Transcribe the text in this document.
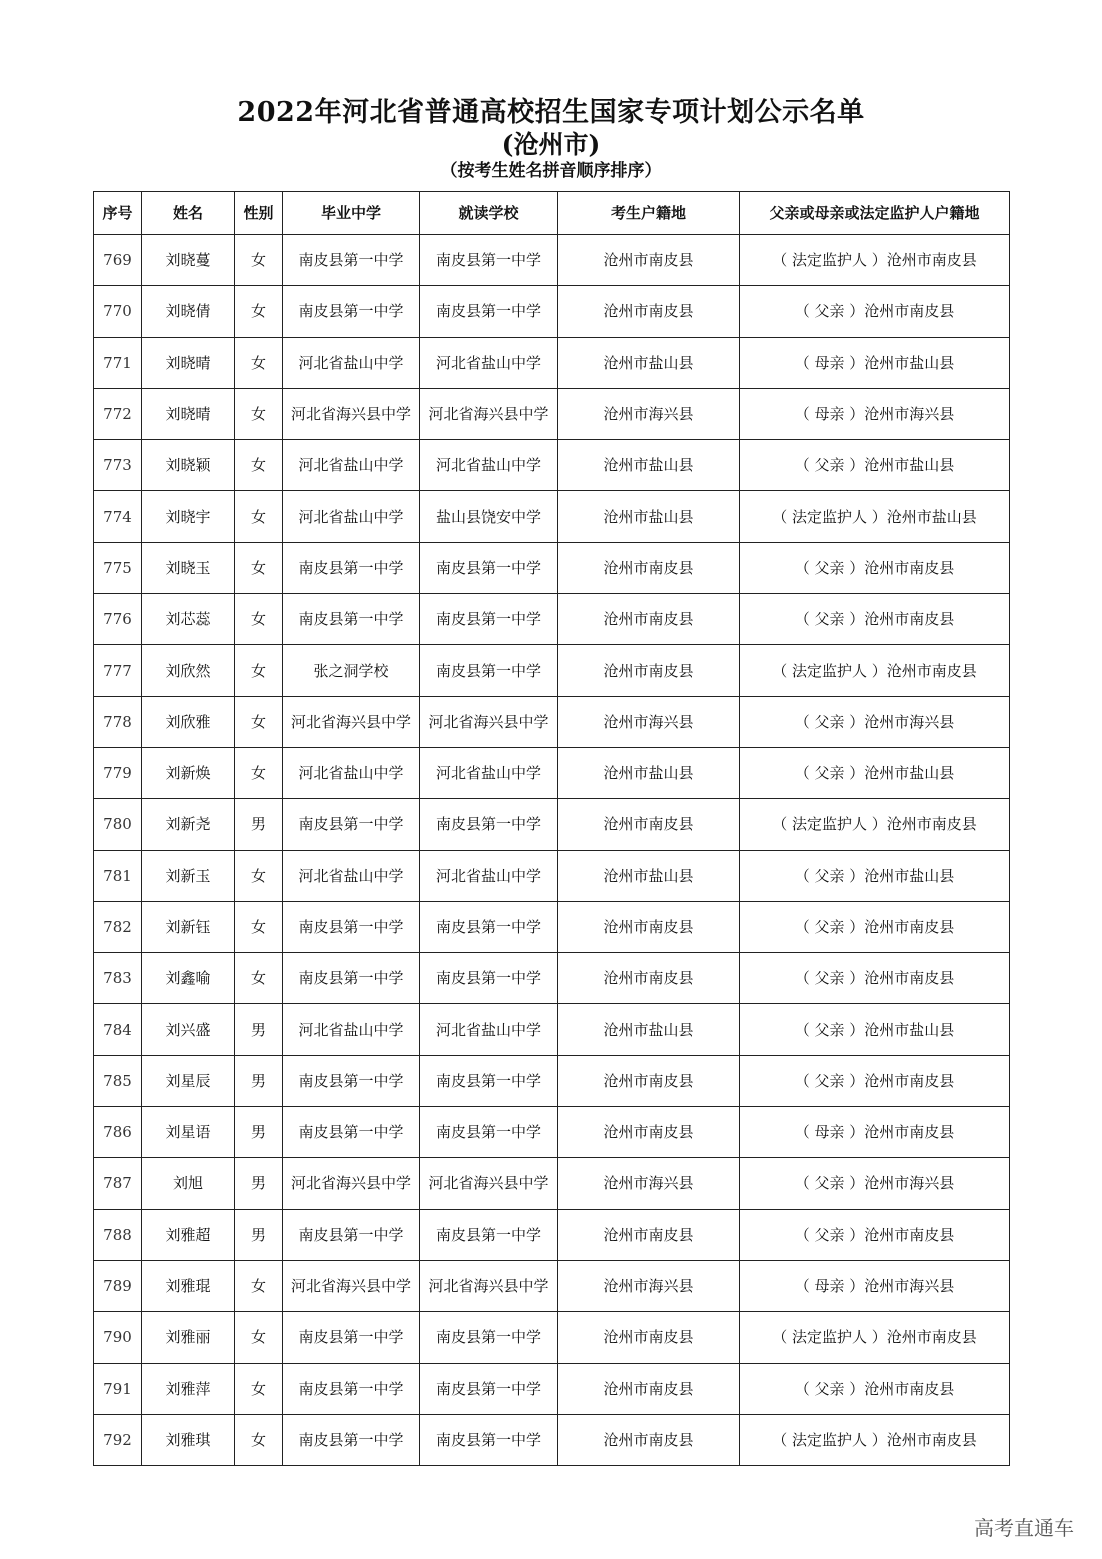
2022年河北省普通高校招生国家专项计划公示名单
(沧州市)
（按考生姓名拼音顺序排序）
序号	姓名	性别	毕业中学	就读学校	考生户籍地	父亲或母亲或法定监护人户籍地
769	刘晓蔓	女	南皮县第一中学	南皮县第一中学	沧州市南皮县	（ 法定监护人 ）沧州市南皮县
770	刘晓倩	女	南皮县第一中学	南皮县第一中学	沧州市南皮县	（ 父亲 ）沧州市南皮县
771	刘晓晴	女	河北省盐山中学	河北省盐山中学	沧州市盐山县	（ 母亲 ）沧州市盐山县
772	刘晓晴	女	河北省海兴县中学	河北省海兴县中学	沧州市海兴县	（ 母亲 ）沧州市海兴县
773	刘晓颖	女	河北省盐山中学	河北省盐山中学	沧州市盐山县	（ 父亲 ）沧州市盐山县
774	刘晓宇	女	河北省盐山中学	盐山县饶安中学	沧州市盐山县	（ 法定监护人 ）沧州市盐山县
775	刘晓玉	女	南皮县第一中学	南皮县第一中学	沧州市南皮县	（ 父亲 ）沧州市南皮县
776	刘芯蕊	女	南皮县第一中学	南皮县第一中学	沧州市南皮县	（ 父亲 ）沧州市南皮县
777	刘欣然	女	张之洞学校	南皮县第一中学	沧州市南皮县	（ 法定监护人 ）沧州市南皮县
778	刘欣雅	女	河北省海兴县中学	河北省海兴县中学	沧州市海兴县	（ 父亲 ）沧州市海兴县
779	刘新焕	女	河北省盐山中学	河北省盐山中学	沧州市盐山县	（ 父亲 ）沧州市盐山县
780	刘新尧	男	南皮县第一中学	南皮县第一中学	沧州市南皮县	（ 法定监护人 ）沧州市南皮县
781	刘新玉	女	河北省盐山中学	河北省盐山中学	沧州市盐山县	（ 父亲 ）沧州市盐山县
782	刘新钰	女	南皮县第一中学	南皮县第一中学	沧州市南皮县	（ 父亲 ）沧州市南皮县
783	刘鑫喻	女	南皮县第一中学	南皮县第一中学	沧州市南皮县	（ 父亲 ）沧州市南皮县
784	刘兴盛	男	河北省盐山中学	河北省盐山中学	沧州市盐山县	（ 父亲 ）沧州市盐山县
785	刘星辰	男	南皮县第一中学	南皮县第一中学	沧州市南皮县	（ 父亲 ）沧州市南皮县
786	刘星语	男	南皮县第一中学	南皮县第一中学	沧州市南皮县	（ 母亲 ）沧州市南皮县
787	刘旭	男	河北省海兴县中学	河北省海兴县中学	沧州市海兴县	（ 父亲 ）沧州市海兴县
788	刘雅超	男	南皮县第一中学	南皮县第一中学	沧州市南皮县	（ 父亲 ）沧州市南皮县
789	刘雅琨	女	河北省海兴县中学	河北省海兴县中学	沧州市海兴县	（ 母亲 ）沧州市海兴县
790	刘雅丽	女	南皮县第一中学	南皮县第一中学	沧州市南皮县	（ 法定监护人 ）沧州市南皮县
791	刘雅萍	女	南皮县第一中学	南皮县第一中学	沧州市南皮县	（ 父亲 ）沧州市南皮县
792	刘雅琪	女	南皮县第一中学	南皮县第一中学	沧州市南皮县	（ 法定监护人 ）沧州市南皮县
高考直通车
